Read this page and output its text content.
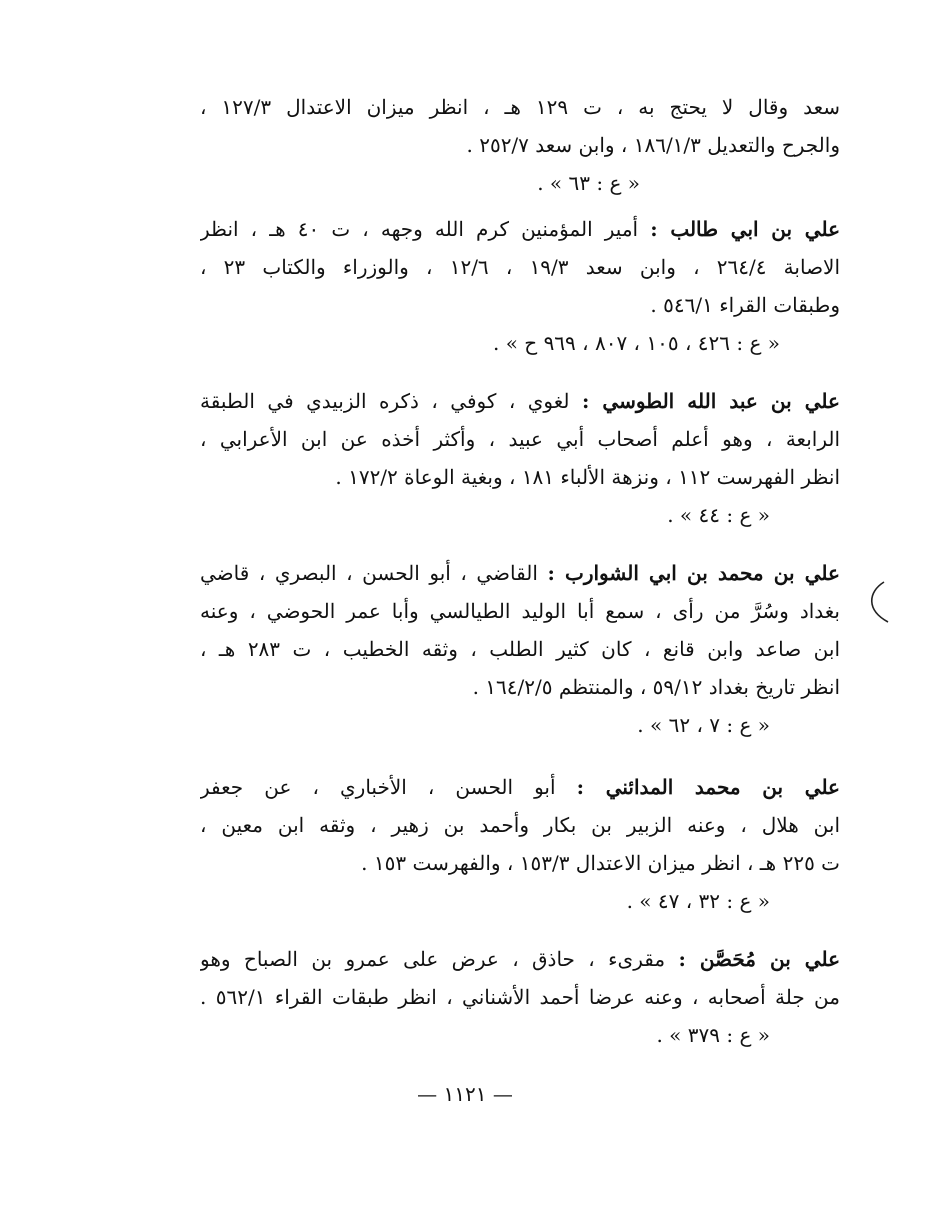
سعد وقال لا يحتج به ، ت ١٢٩ هـ ، انظر ميزان الاعتدال ١٢٧/٣ ،
والجرح والتعديل ١٨٦/١/٣ ، وابن سعد ٢٥٢/٧ .
« ع : ٦٣ » .
علي بن ابي طالب : أمير المؤمنين كرم الله وجهه ، ت ٤٠ هـ ، انظر
الاصابة ٢٦٤/٤ ، وابن سعد ١٩/٣ ، ١٢/٦ ، والوزراء والكتاب ٢٣ ،
وطبقات القراء ٥٤٦/١ .
« ع : ٤٢٦ ، ١٠٥ ، ٨٠٧ ، ٩٦٩ ح » .
علي بن عبد الله الطوسي : لغوي ، كوفي ، ذكره الزبيدي في الطبقة
الرابعة ، وهو أعلم أصحاب أبي عبيد ، وأكثر أخذه عن ابن الأعرابي ،
انظر الفهرست ١١٢ ، ونزهة الألباء ١٨١ ، وبغية الوعاة ١٧٢/٢ .
« ع : ٤٤ » .
علي بن محمد بن ابي الشوارب : القاضي ، أبو الحسن ، البصري ، قاضي
بغداد وسُرَّ من رأى ، سمع أبا الوليد الطيالسي وأبا عمر الحوضي ، وعنه
ابن صاعد وابن قانع ، كان كثير الطلب ، وثقه الخطيب ، ت ٢٨٣ هـ ،
انظر تاريخ بغداد ٥٩/١٢ ، والمنتظم ١٦٤/٢/٥ .
« ع : ٧ ، ٦٢ » .
علي بن محمد المدائني : أبو الحسن ، الأخباري ، عن جعفر
ابن هلال ، وعنه الزبير بن بكار وأحمد بن زهير ، وثقه ابن معين ،
ت ٢٢٥ هـ ، انظر ميزان الاعتدال ١٥٣/٣ ، والفهرست ١٥٣ .
« ع : ٣٢ ، ٤٧ » .
علي بن مُحَصَّن : مقرىء ، حاذق ، عرض على عمرو بن الصباح وهو
من جلة أصحابه ، وعنه عرضا أحمد الأشناني ، انظر طبقات القراء ٥٦٢/١ .
« ع : ٣٧٩ » .
— ١١٢١ —
